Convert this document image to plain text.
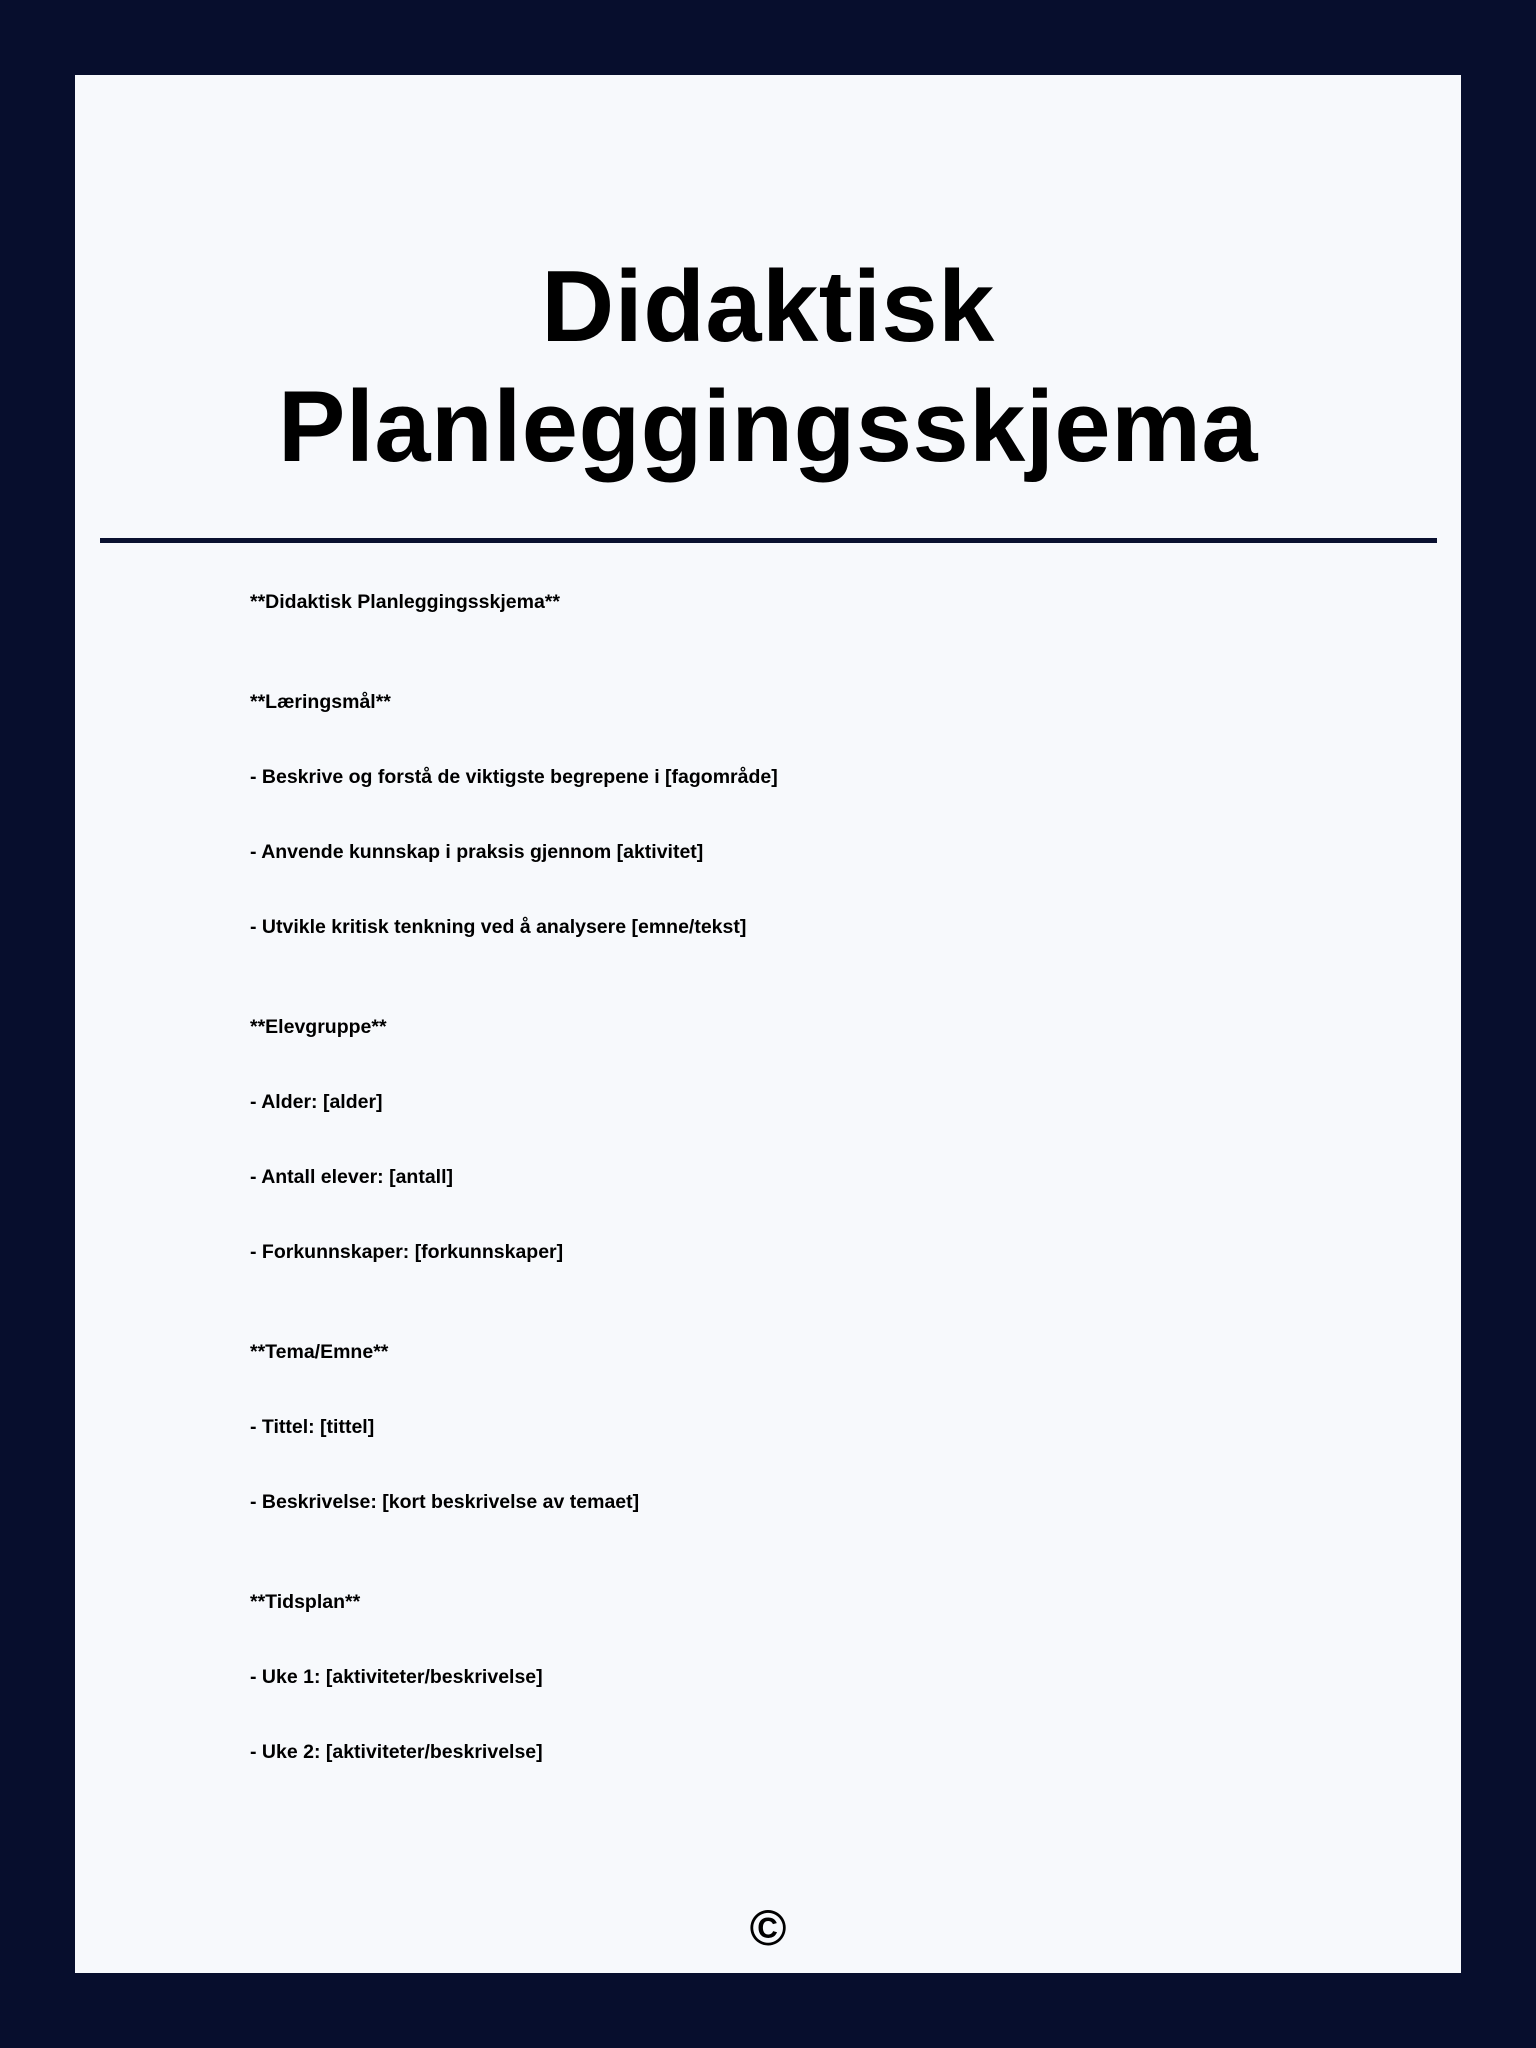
Didaktisk
Planleggingsskjema

**Didaktisk Planleggingsskjema**

**Læringsmål**

- Beskrive og forstå de viktigste begrepene i [fagområde]

- Anvende kunnskap i praksis gjennom [aktivitet]

- Utvikle kritisk tenkning ved å analysere [emne/tekst]

**Elevgruppe**

- Alder: [alder]

- Antall elever: [antall]

- Forkunnskaper: [forkunnskaper]

**Tema/Emne**

- Tittel: [tittel]

- Beskrivelse: [kort beskrivelse av temaet]

**Tidsplan**

- Uke 1: [aktiviteter/beskrivelse]

- Uke 2: [aktiviteter/beskrivelse]

©
